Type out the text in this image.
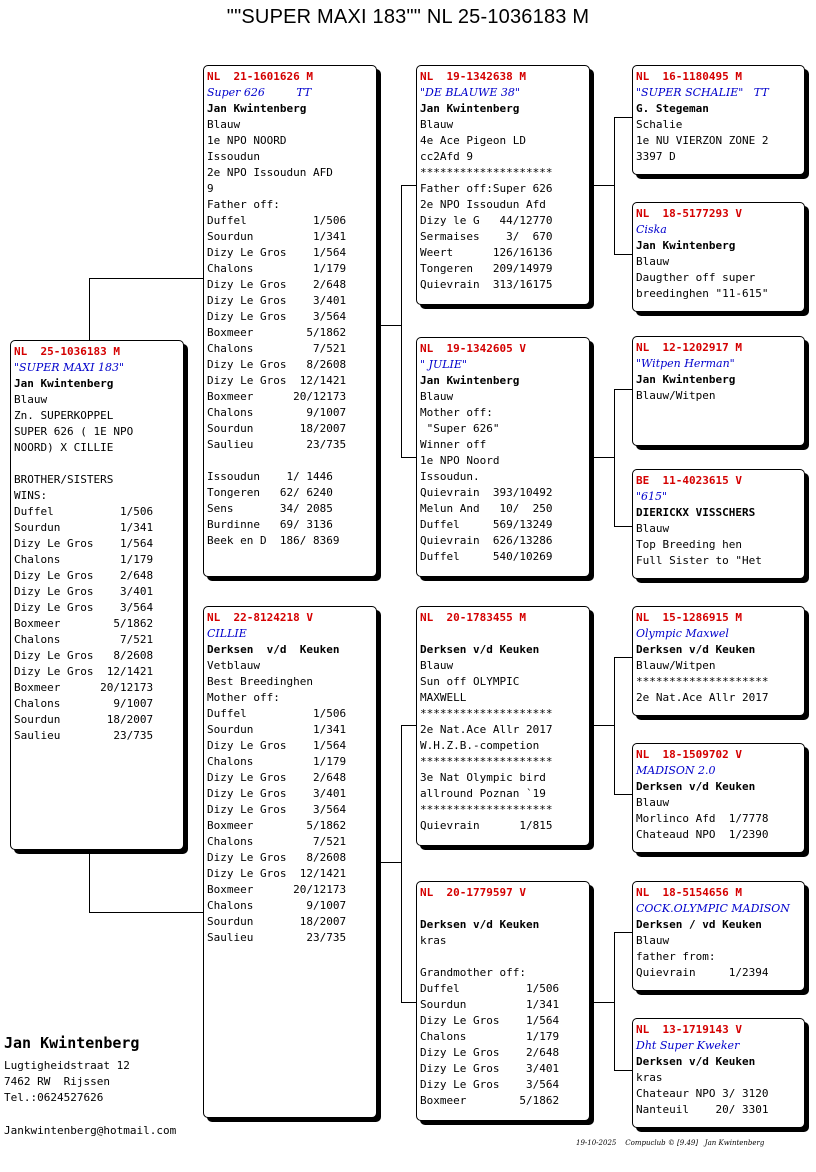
""SUPER MAXI 183"" NL 25-1036183 M
NL  25-1036183 M
"SUPER MAXI 183"
Jan Kwintenberg
Blauw
Zn. SUPERKOPPEL
SUPER 626 ( 1E NPO
NOORD) X CILLIE

BROTHER/SISTERS
WINS:
Duffel          1/506
Sourdun         1/341
Dizy Le Gros    1/564
Chalons         1/179
Dizy Le Gros    2/648
Dizy Le Gros    3/401
Dizy Le Gros    3/564
Boxmeer        5/1862
Chalons         7/521
Dizy Le Gros   8/2608
Dizy Le Gros  12/1421
Boxmeer      20/12173
Chalons        9/1007
Sourdun       18/2007
Saulieu        23/735
NL  21-1601626 M
Super 626         TT
Jan Kwintenberg
Blauw
1e NPO NOORD
Issoudun
2e NPO Issoudun AFD
9
Father off:
Duffel          1/506
Sourdun         1/341
Dizy Le Gros    1/564
Chalons         1/179
Dizy Le Gros    2/648
Dizy Le Gros    3/401
Dizy Le Gros    3/564
Boxmeer        5/1862
Chalons         7/521
Dizy Le Gros   8/2608
Dizy Le Gros  12/1421
Boxmeer      20/12173
Chalons        9/1007
Sourdun       18/2007
Saulieu        23/735

Issoudun    1/ 1446
Tongeren   62/ 6240
Sens       34/ 2085
Burdinne   69/ 3136
Beek en D  186/ 8369
NL  22-8124218 V
CILLIE
Derksen  v/d  Keuken
Vetblauw
Best Breedinghen
Mother off:
Duffel          1/506
Sourdun         1/341
Dizy Le Gros    1/564
Chalons         1/179
Dizy Le Gros    2/648
Dizy Le Gros    3/401
Dizy Le Gros    3/564
Boxmeer        5/1862
Chalons         7/521
Dizy Le Gros   8/2608
Dizy Le Gros  12/1421
Boxmeer      20/12173
Chalons        9/1007
Sourdun       18/2007
Saulieu        23/735
NL  19-1342638 M
"DE BLAUWE 38"
Jan Kwintenberg
Blauw
4e Ace Pigeon LD
cc2Afd 9
********************
Father off:Super 626
2e NPO Issoudun Afd
Dizy le G   44/12770
Sermaises    3/  670
Weert      126/16136
Tongeren   209/14979
Quievrain  313/16175
NL  19-1342605 V
" JULIE"
Jan Kwintenberg
Blauw
Mother off:
"Super 626"
Winner off
1e NPO Noord
Issoudun.
Quievrain  393/10492
Melun And   10/  250
Duffel     569/13249
Quievrain  626/13286
Duffel     540/10269
NL  20-1783455 M

Derksen v/d Keuken
Blauw
Sun off OLYMPIC
MAXWELL
********************
2e Nat.Ace Allr 2017
W.H.Z.B.-competion
********************
3e Nat Olympic bird
allround Poznan `19
********************
Quievrain      1/815
NL  20-1779597 V

Derksen v/d Keuken
kras

Grandmother off:
Duffel          1/506
Sourdun         1/341
Dizy Le Gros    1/564
Chalons         1/179
Dizy Le Gros    2/648
Dizy Le Gros    3/401
Dizy Le Gros    3/564
Boxmeer        5/1862
NL  16-1180495 M
"SUPER SCHALIE"   TT
G. Stegeman
Schalie
1e NU VIERZON ZONE 2
3397 D
NL  18-5177293 V
Ciska
Jan Kwintenberg
Blauw
Daugther off super
breedinghen "11-615"
NL  12-1202917 M
"Witpen Herman"
Jan Kwintenberg
Blauw/Witpen
BE  11-4023615 V
"615"
DIERICKX VISSCHERS
Blauw
Top Breeding hen
Full Sister to "Het
NL  15-1286915 M
Olympic Maxwel
Derksen v/d Keuken
Blauw/Witpen
********************
2e Nat.Ace Allr 2017
NL  18-1509702 V
MADISON 2.0
Derksen v/d Keuken
Blauw
Morlinco Afd  1/7778
Chateaud NPO  1/2390
NL  18-5154656 M
COCK.OLYMPIC MADISON
Derksen / vd Keuken
Blauw
father from:
Quievrain     1/2394
NL  13-1719143 V
Dht Super Kweker
Derksen v/d Keuken
kras
Chateaur NPO 3/ 3120
Nanteuil    20/ 3301
Jan Kwintenberg
Lugtigheidstraat 12
7462 RW  Rijssen
Tel.:0624527626
Jankwintenberg@hotmail.com
19-10-2025    Compuclub © [9.49]   Jan Kwintenberg
